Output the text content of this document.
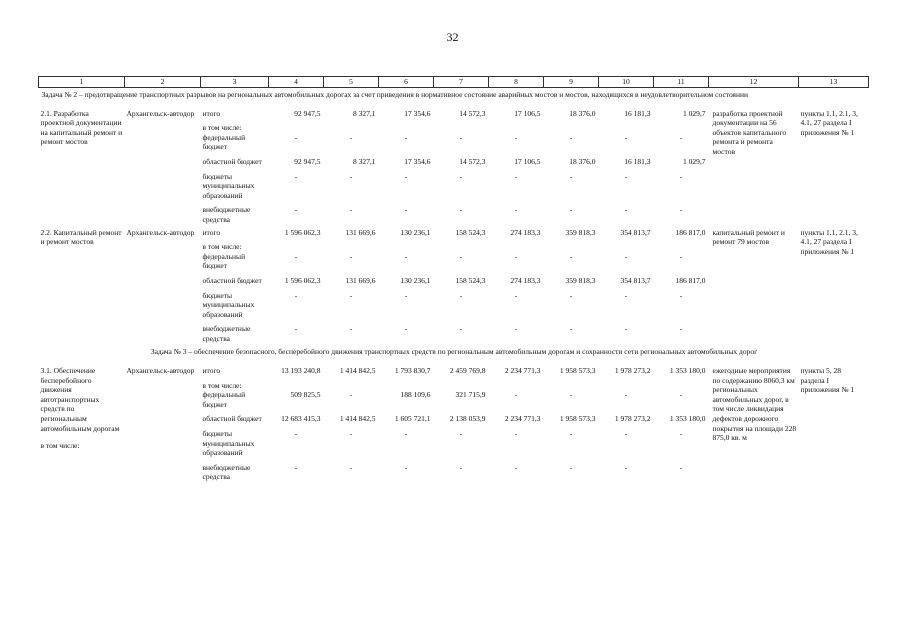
32
1	2	3	4	5	6	7	8	9	10	11	12	13
Задача № 2 – предотвращение транспортных разрывов на региональных автомобильных дорогах за счет приведения в нормативное состояние аварийных мостов и мостов, находящихся в неудовлетворительном состоянии												

2.1. Разработка проектной документации на капитальный ремонт и ремонт мостов	Архангельск-автодор	итого	92 947,5	8 327,1	17 354,6	14 572,3	17 106,5	18 376,0	16 181,3	1 029,7	разработка проектной документации на 56 объектов капитального ремонта и ремонта мостов	пункты 1.1, 2.1, 3, 4.1, 27 раздела I приложения № 1
		в том числе:										
		федеральный бюджет	-	-	-	-	-	-	-	-		
		областной бюджет	92 947,5	8 327,1	17 354,6	14 572,3	17 106,5	18 376,0	16 181,3	1 029,7		
		бюджеты муниципальных образований	-	-	-	-	-	-	-	-		
		внебюджетные средства	-	-	-	-	-	-	-	-		

2.2. Капитальный ремонт и ремонт мостов	Архангельск-автодор	итого	1 596 062,3	131 669,6	130 236,1	158 524,3	274 183,3	359 818,3	354 813,7	186 817,0	капитальный ремонт и ремонт 79 мостов	пункты 1.1, 2.1, 3, 4.1, 27 раздела I приложения № 1
		в том числе:										
		федеральный бюджет	-	-	-	-	-	-	-	-		
		областной бюджет	1 596 062,3	131 669,6	130 236,1	158 524,3	274 183,3	359 818,3	354 813,7	186 817,0		
		бюджеты муниципальных образований	-	-	-	-	-	-	-	-		
		внебюджетные средства	-	-	-	-	-	-	-	-		
Задача № 3 – обеспечение безопасного, бесперебойного движения транспортных средств по региональным автомобильным дорогам и сохранности сети региональных автомобильных дорог												

3.1. Обеспечение бесперебойного движения автотранспортных средств по региональным автомобильным дорогам
в том числе:	Архангельск-автодор	итого	13 193 240,8	1 414 842,5	1 793 830,7	2 459 769,8	2 234 771,3	1 958 573,3	1 978 273,2	1 353 180,0	ежегодные мероприятия по содержанию 8060,3 км региональных автомобильных дорог, в том числе ликвидация дефектов дорожного покрытия на площади 228 875,0 кв. м	пункты 5, 28 раздела I приложения № 1
		в том числе:										
		федеральный бюджет	509 825,5	-	188 109,6	321 715,9	-	-	-	-		
		областной бюджет	12 683 415,3	1 414 842,5	1 605 721,1	2 138 053,9	2 234 771,3	1 958 573,3	1 978 273,2	1 353 180,0		
		бюджеты муниципальных образований	-	-	-	-	-	-	-	-		
		внебюджетные средства	-	-	-	-	-	-	-	-		
